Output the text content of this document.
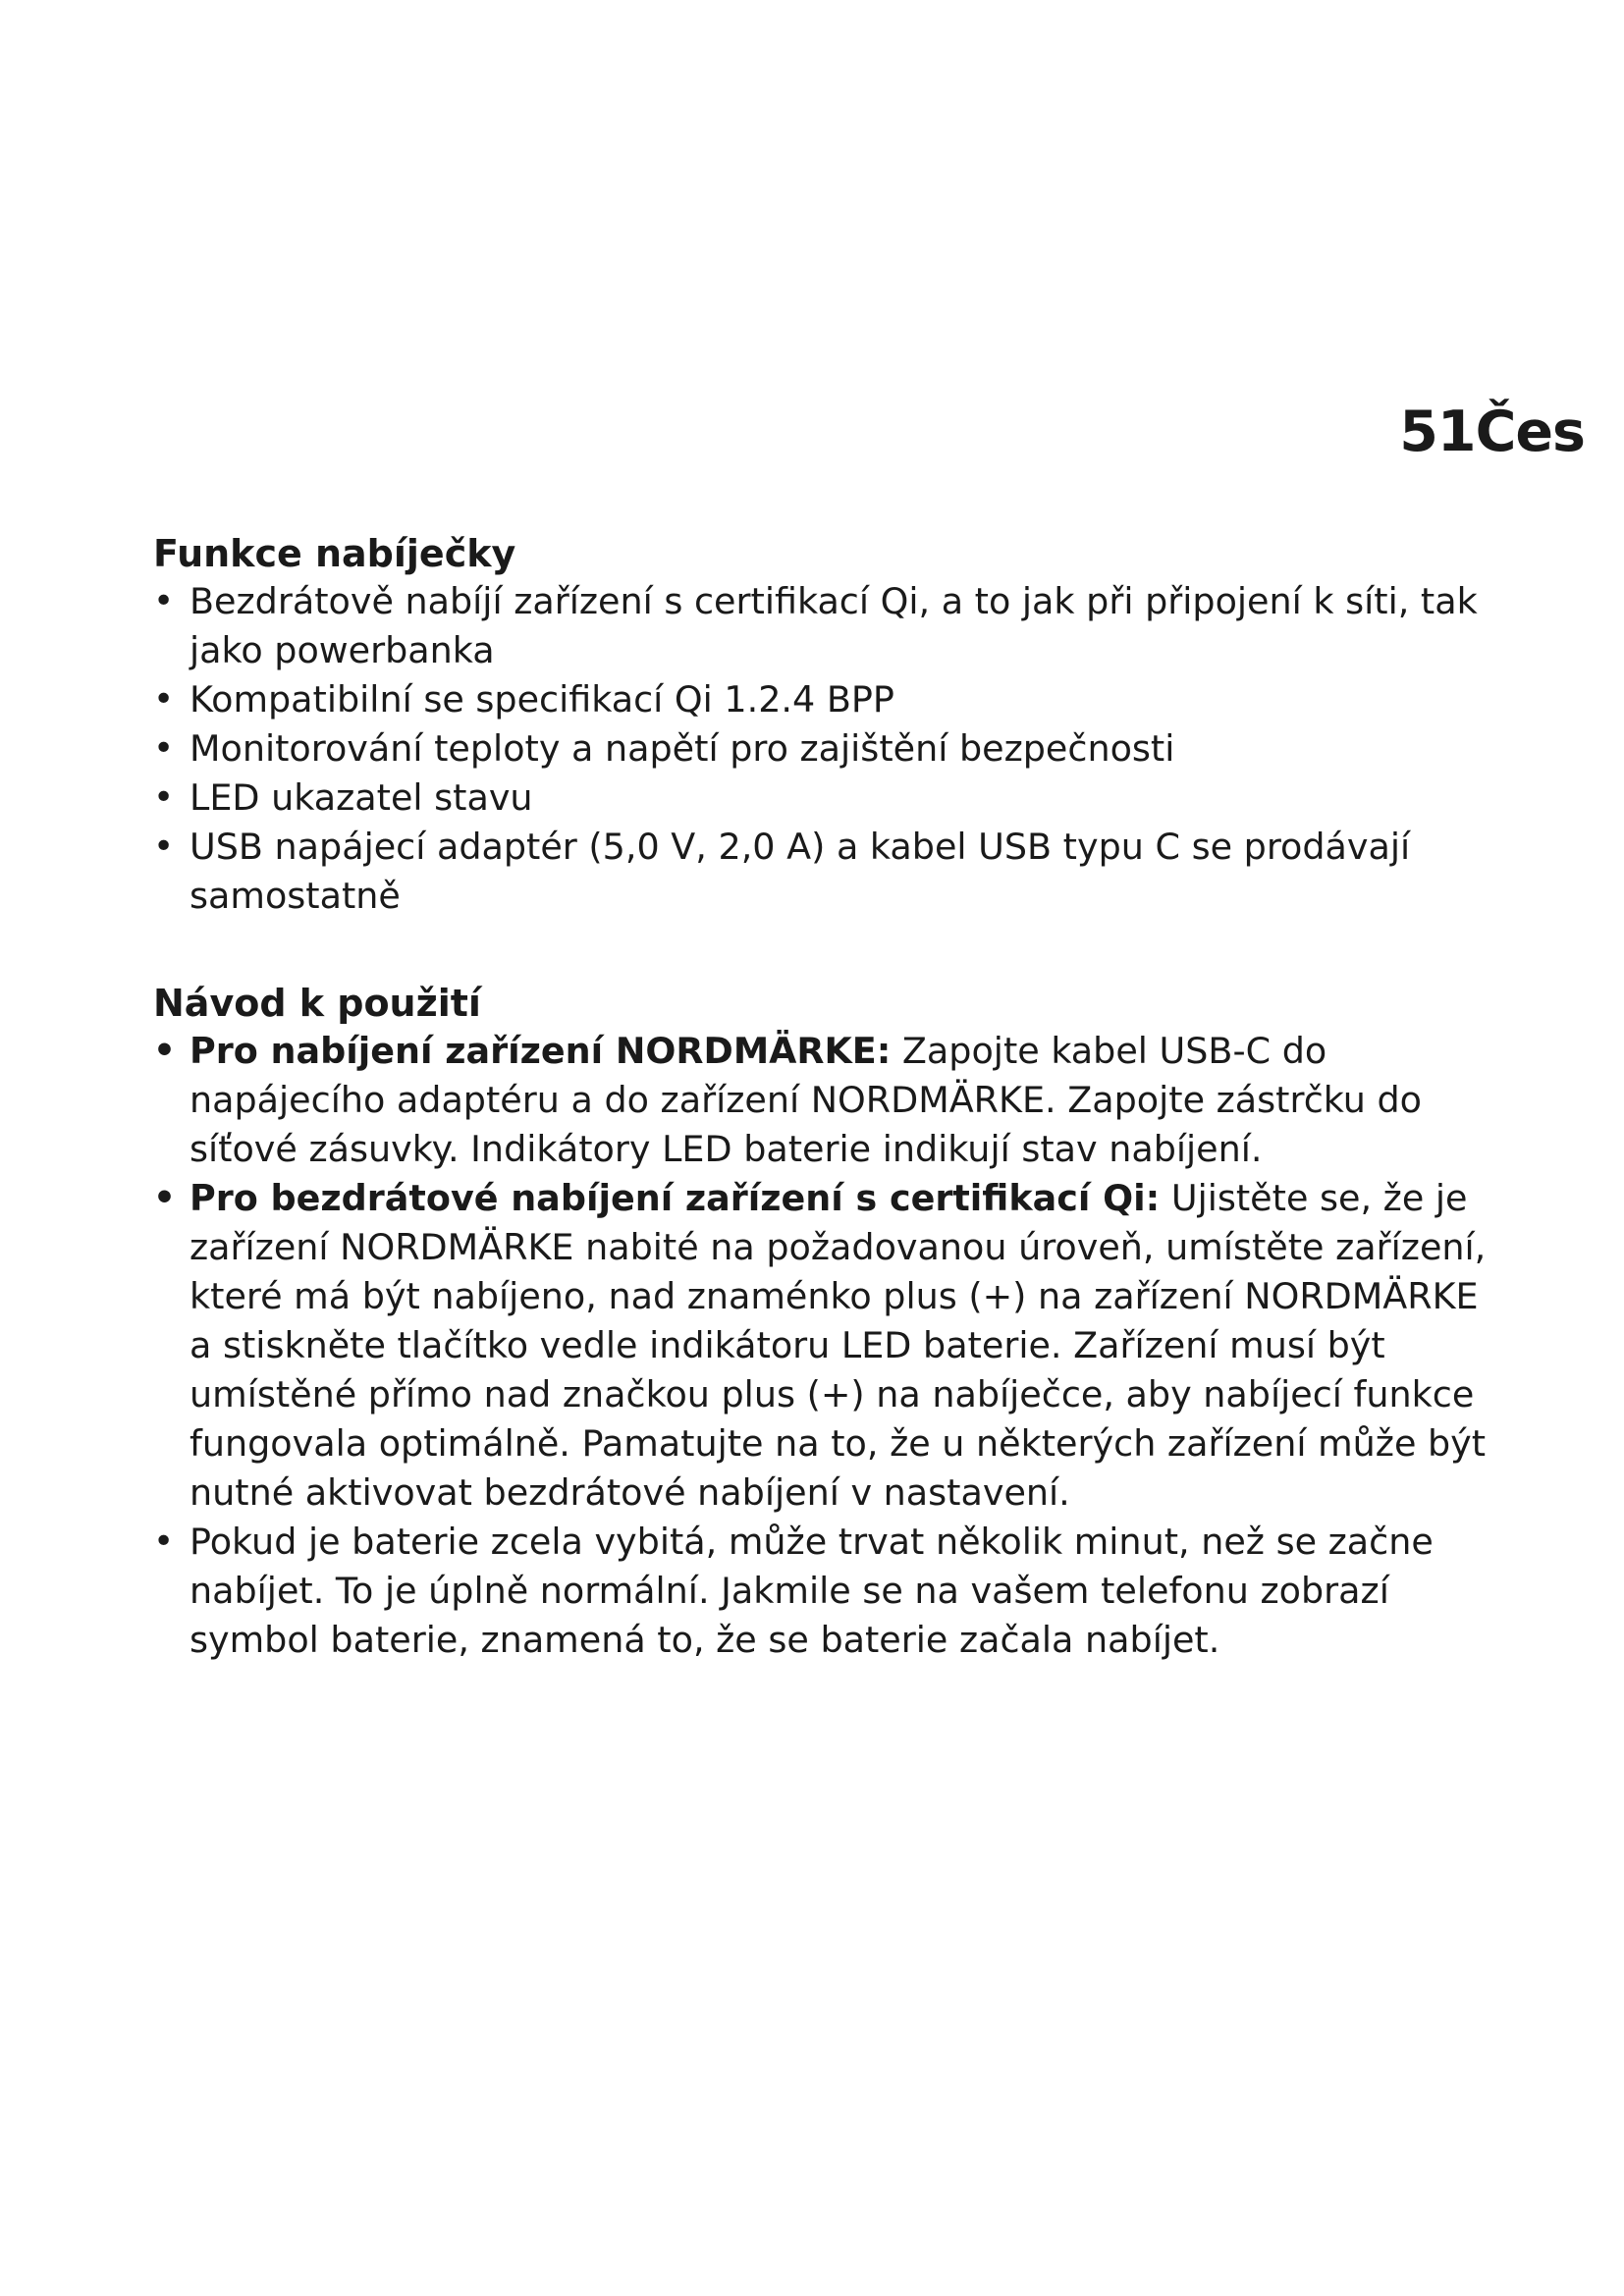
51Čes
Funkce nabíječky
• Bezdrátově nabíjí zařízení s certifikací Qi, a to jak při připojení k síti, tak jako powerbanka
• Kompatibilní se specifikací Qi 1.2.4 BPP
• Monitorování teploty a napětí pro zajištění bezpečnosti
• LED ukazatel stavu
• USB napájecí adaptér (5,0 V, 2,0 A) a kabel USB typu C se prodávají samostatně
Návod k použití
• Pro nabíjení zařízení NORDMÄRKE: Zapojte kabel USB-C do napájecího adaptéru a do zařízení NORDMÄRKE. Zapojte zástrčku do síťové zásuvky. Indikátory LED baterie indikují stav nabíjení.
• Pro bezdrátové nabíjení zařízení s certifikací Qi: Ujistěte se, že je zařízení NORDMÄRKE nabité na požadovanou úroveň, umístěte zařízení, které má být nabíjeno, nad znaménko plus (+) na zařízení NORDMÄRKE a stiskněte tlačítko vedle indikátoru LED baterie. Zařízení musí být umístěné přímo nad značkou plus (+) na nabíječce, aby nabíjecí funkce fungovala optimálně. Pamatujte na to, že u některých zařízení může být nutné aktivovat bezdrátové nabíjení v nastavení.
• Pokud je baterie zcela vybitá, může trvat několik minut, než se začne nabíjet. To je úplně normální. Jakmile se na vašem telefonu zobrazí symbol baterie, znamená to, že se baterie začala nabíjet.
